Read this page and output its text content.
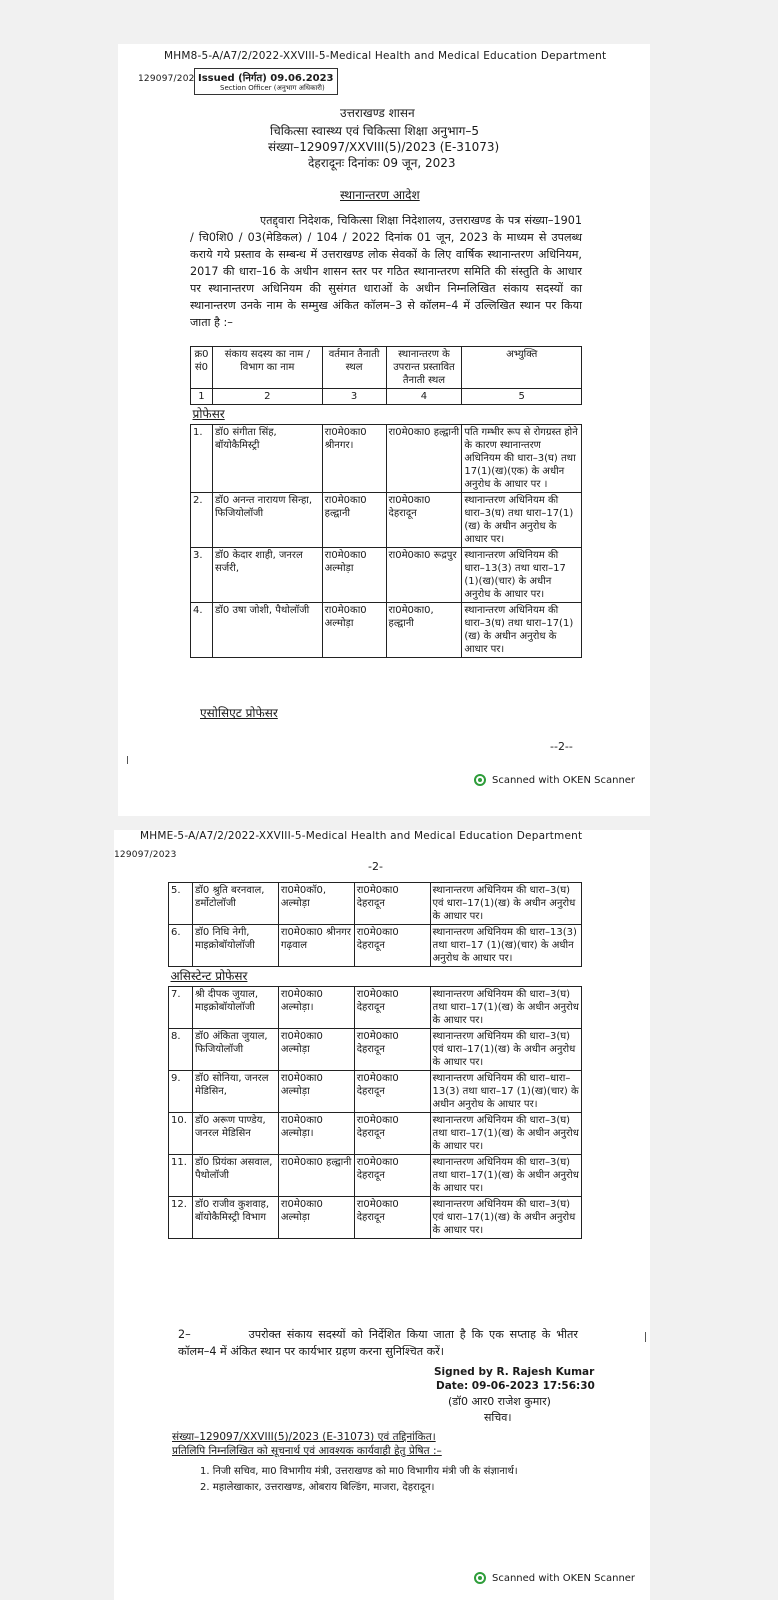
MHM8-5-A/A7/2/2022-XXVIII-5-Medical Health and Medical Education Department
129097/202 Issued (निर्गत) 09.06.2023
Section Officer (अनुभाग अधिकारी)
उत्तराखण्ड शासन
चिकित्सा स्वास्थ्य एवं चिकित्सा शिक्षा अनुभाग–5
संख्या–129097/XXVIII(5)/2023 (E-31073)
देहरादूनः दिनांकः 09 जून, 2023
स्थानान्तरण आदेश
एतद्द्वारा निदेशक, चिकित्सा शिक्षा निदेशालय, उत्तराखण्ड के पत्र संख्या–1901 / चि0शि0 / 03(मेडिकल) / 104 / 2022 दिनांक 01 जून, 2023 के माध्यम से उपलब्ध कराये गये प्रस्ताव के सम्बन्ध में उत्तराखण्ड लोक सेवकों के लिए वार्षिक स्थानान्तरण अधिनियम, 2017 की धारा–16 के अधीन शासन स्तर पर गठित स्थानान्तरण समिति की संस्तुति के आधार पर स्थानान्तरण अधिनियम की सुसंगत धाराओं के अधीन निम्नलिखित संकाय सदस्यों का स्थानान्तरण उनके नाम के सम्मुख अंकित कॉलम–3 से कॉलम–4 में उल्लिखित स्थान पर किया जाता है :–
क्र0 सं0	संकाय सदस्य का नाम / विभाग का नाम	वर्तमान तैनाती स्थल	स्थानान्तरण के उपरान्त प्रस्तावित तैनाती स्थल	अभ्युक्ति
1	2	3	4	5
प्रोफेसर				
1.	डॉ0 संगीता सिंह, बॉयोकैमिस्ट्री	रा0मे0का0 श्रीनगर।	रा0मे0का0 हल्द्वानी	पति गम्भीर रूप से रोगग्रस्त होने के कारण स्थानान्तरण अधिनियम की धारा–3(घ) तथा 17(1)(ख)(एक) के अधीन अनुरोध के आधार पर ।
2.	डॉ0 अनन्त नारायण सिन्हा, फिजियोलॉजी	रा0मे0का0 हल्द्वानी	रा0मे0का0 देहरादून	स्थानान्तरण अधिनियम की धारा–3(घ) तथा धारा–17(1)(ख) के अधीन अनुरोध के आधार पर।
3.	डॉ0 केदार शाही, जनरल सर्जरी,	रा0मे0का0 अल्मोड़ा	रा0मे0का0 रूद्रपुर	स्थानान्तरण अधिनियम की धारा–13(3) तथा धारा–17 (1)(ख)(चार) के अधीन अनुरोध के आधार पर।
4.	डॉ0 उषा जोशी, पैथोलॉजी	रा0मे0का0 अल्मोड़ा	रा0मे0का0, हल्द्वानी	स्थानान्तरण अधिनियम की धारा–3(घ) तथा धारा–17(1)(ख) के अधीन अनुरोध के आधार पर।
एसोसिएट प्रोफेसर
--2--
Scanned with OKEN Scanner
MHME-5-A/A7/2/2022-XXVIII-5-Medical Health and Medical Education Department
129097/2023
-2-
5.	डॉ0 श्रुति बरनवाल, डर्मोटोलॉजी	रा0मे0कॉ0, अल्मोड़ा	रा0मे0का0 देहरादून	स्थानान्तरण अधिनियम की धारा–3(घ) एवं धारा–17(1)(ख) के अधीन अनुरोध के आधार पर।
6.	डॉ0 निधि नेगी, माइक्रोबॉयोलॉजी	रा0मे0का0 श्रीनगर गढ़वाल	रा0मे0का0 देहरादून	स्थानान्तरण अधिनियम की धारा–13(3) तथा धारा–17 (1)(ख)(चार) के अधीन अनुरोध के आधार पर।
असिस्टेन्ट प्रोफेसर				
7.	श्री दीपक जुयाल, माइक्रोबॉयोलॉजी	रा0मे0का0 अल्मोड़ा।	रा0मे0का0 देहरादून	स्थानान्तरण अधिनियम की धारा–3(घ) तथा धारा–17(1)(ख) के अधीन अनुरोध के आधार पर।
8.	डॉ0 अंकिता जुयाल, फिजियोलॉजी	रा0मे0का0 अल्मोड़ा	रा0मे0का0 देहरादून	स्थानान्तरण अधिनियम की धारा–3(घ) एवं धारा–17(1)(ख) के अधीन अनुरोध के आधार पर।
9.	डॉ0 सोनिया, जनरल मेडिसिन,	रा0मे0का0 अल्मोड़ा	रा0मे0का0 देहरादून	स्थानान्तरण अधिनियम की धारा–धारा–13(3) तथा धारा–17 (1)(ख)(चार) के अधीन अनुरोध के आधार पर।
10.	डॉ0 अरूण पाण्डेय, जनरल मेडिसिन	रा0मे0का0 अल्मोड़ा।	रा0मे0का0 देहरादून	स्थानान्तरण अधिनियम की धारा–3(घ) तथा धारा–17(1)(ख) के अधीन अनुरोध के आधार पर।
11.	डॉ0 प्रियंका असवाल, पैथोलॉजी	रा0मे0का0 हल्द्वानी	रा0मे0का0 देहरादून	स्थानान्तरण अधिनियम की धारा–3(घ) तथा धारा–17(1)(ख) के अधीन अनुरोध के आधार पर।
12.	डॉ0 राजीव कुशवाह, बॉयोकैमिस्ट्री विभाग	रा0मे0का0 अल्मोड़ा	रा0मे0का0 देहरादून	स्थानान्तरण अधिनियम की धारा–3(घ) एवं धारा–17(1)(ख) के अधीन अनुरोध के आधार पर।
2–	उपरोक्त संकाय सदस्यों को निर्देशित किया जाता है कि एक सप्ताह के भीतर कॉलम–4 में अंकित स्थान पर कार्यभार ग्रहण करना सुनिश्चित करें।
Signed by R. Rajesh Kumar
Date: 09-06-2023 17:56:30
(डॉ0 आर0 राजेश कुमार)
सचिव।
संख्या–129097/XXVIII(5)/2023 (E-31073) एवं तद्दिनांकित।
प्रतिलिपि निम्नलिखित को सूचनार्थ एवं आवश्यक कार्यवाही हेतु प्रेषित :–
1. निजी सचिव, मा0 विभागीय मंत्री, उत्तराखण्ड को मा0 विभागीय मंत्री जी के संज्ञानार्थ।
2. महालेखाकार, उत्तराखण्ड, ओबराय बिल्डिंग, माजरा, देहरादून।
Scanned with OKEN Scanner
